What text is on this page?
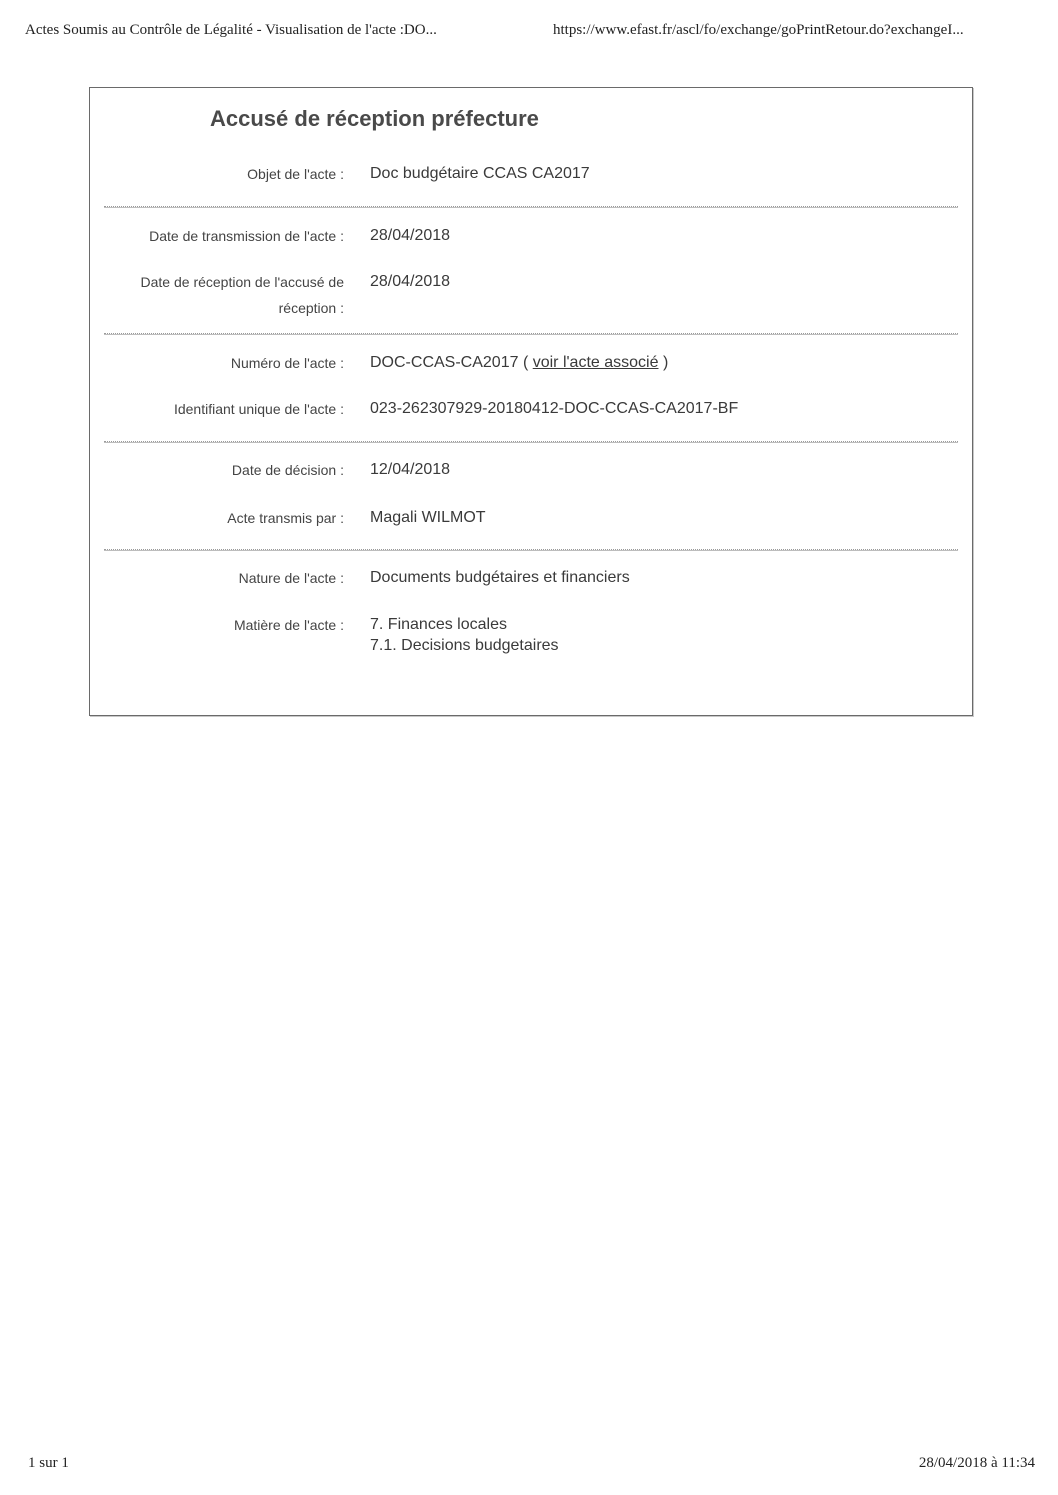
Actes Soumis au Contrôle de Légalité - Visualisation de l'acte :DO...	https://www.efast.fr/ascl/fo/exchange/goPrintRetour.do?exchangeI...
Accusé de réception préfecture
Objet de l'acte : Doc budgétaire CCAS CA2017
Date de transmission de l'acte : 28/04/2018
Date de réception de l'accusé de
réception :
28/04/2018
Numéro de l'acte : DOC-CCAS-CA2017 ( voir l'acte associé )
Identifiant unique de l'acte : 023-262307929-20180412-DOC-CCAS-CA2017-BF
Date de décision : 12/04/2018
Acte transmis par : Magali WILMOT
Nature de l'acte : Documents budgétaires et financiers
Matière de l'acte : 7. Finances locales
7.1. Decisions budgetaires
1 sur 1	28/04/2018 à 11:34
